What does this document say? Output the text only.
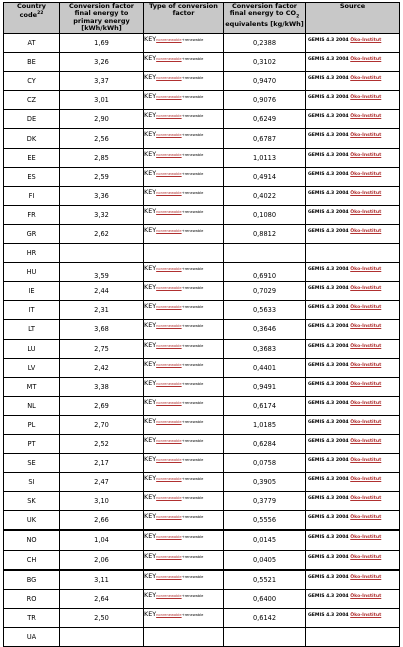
Country code$^{22}$	Conversion factor final energy to primary energy [kWh/kWh]	Type of conversion factor	Conversion factor final energy to $CO_2$ equivalents [kg/kWh]	Source
AT	1,69	KEYnonrenewable+renewable	0,2388	GEMIS 4.3 2004 Öko-Institut
BE	3,26	KEYnonrenewable+renewable	0,3102	GEMIS 4.3 2004 Öko-Institut
CY	3,37	KEYnonrenewable+renewable	0,9470	GEMIS 4.3 2004 Öko-Institut
CZ	3,01	KEYnonrenewable+renewable	0,9076	GEMIS 4.3 2004 Öko-Institut
DE	2,90	KEYnonrenewable+renewable	0,6249	GEMIS 4.3 2004 Öko-Institut
DK	2,56	KEYnonrenewable+renewable	0,6787	GEMIS 4.3 2004 Öko-Institut
EE	2,85	KEYnonrenewable+renewable	1,0113	GEMIS 4.3 2004 Öko-Institut
ES	2,59	KEYnonrenewable+renewable	0,4914	GEMIS 4.3 2004 Öko-Institut
FI	3,36	KEYnonrenewable+renewable	0,4022	GEMIS 4.3 2004 Öko-Institut
FR	3,32	KEYnonrenewable+renewable	0,1080	GEMIS 4.3 2004 Öko-Institut
GR	2,62	KEYnonrenewable+renewable	0,8812	GEMIS 4.3 2004 Öko-Institut
HR				
HU	3,59	KEYnonrenewable+renewable	0,6910	GEMIS 4.3 2004 Öko-Institut
IE	2,44	KEYnonrenewable+renewable	0,7029	GEMIS 4.3 2004 Öko-Institut
IT	2,31	KEYnonrenewable+renewable	0,5633	GEMIS 4.3 2004 Öko-Institut
LT	3,68	KEYnonrenewable+renewable	0,3646	GEMIS 4.3 2004 Öko-Institut
LU	2,75	KEYnonrenewable+renewable	0,3683	GEMIS 4.3 2004 Öko-Institut
LV	2,42	KEYnonrenewable+renewable	0,4401	GEMIS 4.3 2004 Öko-Institut
MT	3,38	KEYnonrenewable+renewable	0,9491	GEMIS 4.3 2004 Öko-Institut
NL	2,69	KEYnonrenewable+renewable	0,6174	GEMIS 4.3 2004 Öko-Institut
PL	2,70	KEYnonrenewable+renewable	1,0185	GEMIS 4.3 2004 Öko-Institut
PT	2,52	KEYnonrenewable+renewable	0,6284	GEMIS 4.3 2004 Öko-Institut
SE	2,17	KEYnonrenewable+renewable	0,0758	GEMIS 4.3 2004 Öko-Institut
SI	2,47	KEYnonrenewable+renewable	0,3905	GEMIS 4.3 2004 Öko-Institut
SK	3,10	KEYnonrenewable+renewable	0,3779	GEMIS 4.3 2004 Öko-Institut
UK	2,66	KEYnonrenewable+renewable	0,5556	GEMIS 4.3 2004 Öko-Institut
NO	1,04	KEYnonrenewable+renewable	0,0145	GEMIS 4.3 2004 Öko-Institut
CH	2,06	KEYnonrenewable+renewable	0,0405	GEMIS 4.3 2004 Öko-Institut
BG	3,11	KEYnonrenewable+renewable	0,5521	GEMIS 4.3 2004 Öko-Institut
RO	2,64	KEYnonrenewable+renewable	0,6400	GEMIS 4.3 2004 Öko-Institut
TR	2,50	KEYnonrenewable+renewable	0,6142	GEMIS 4.3 2004 Öko-Institut
UA				
